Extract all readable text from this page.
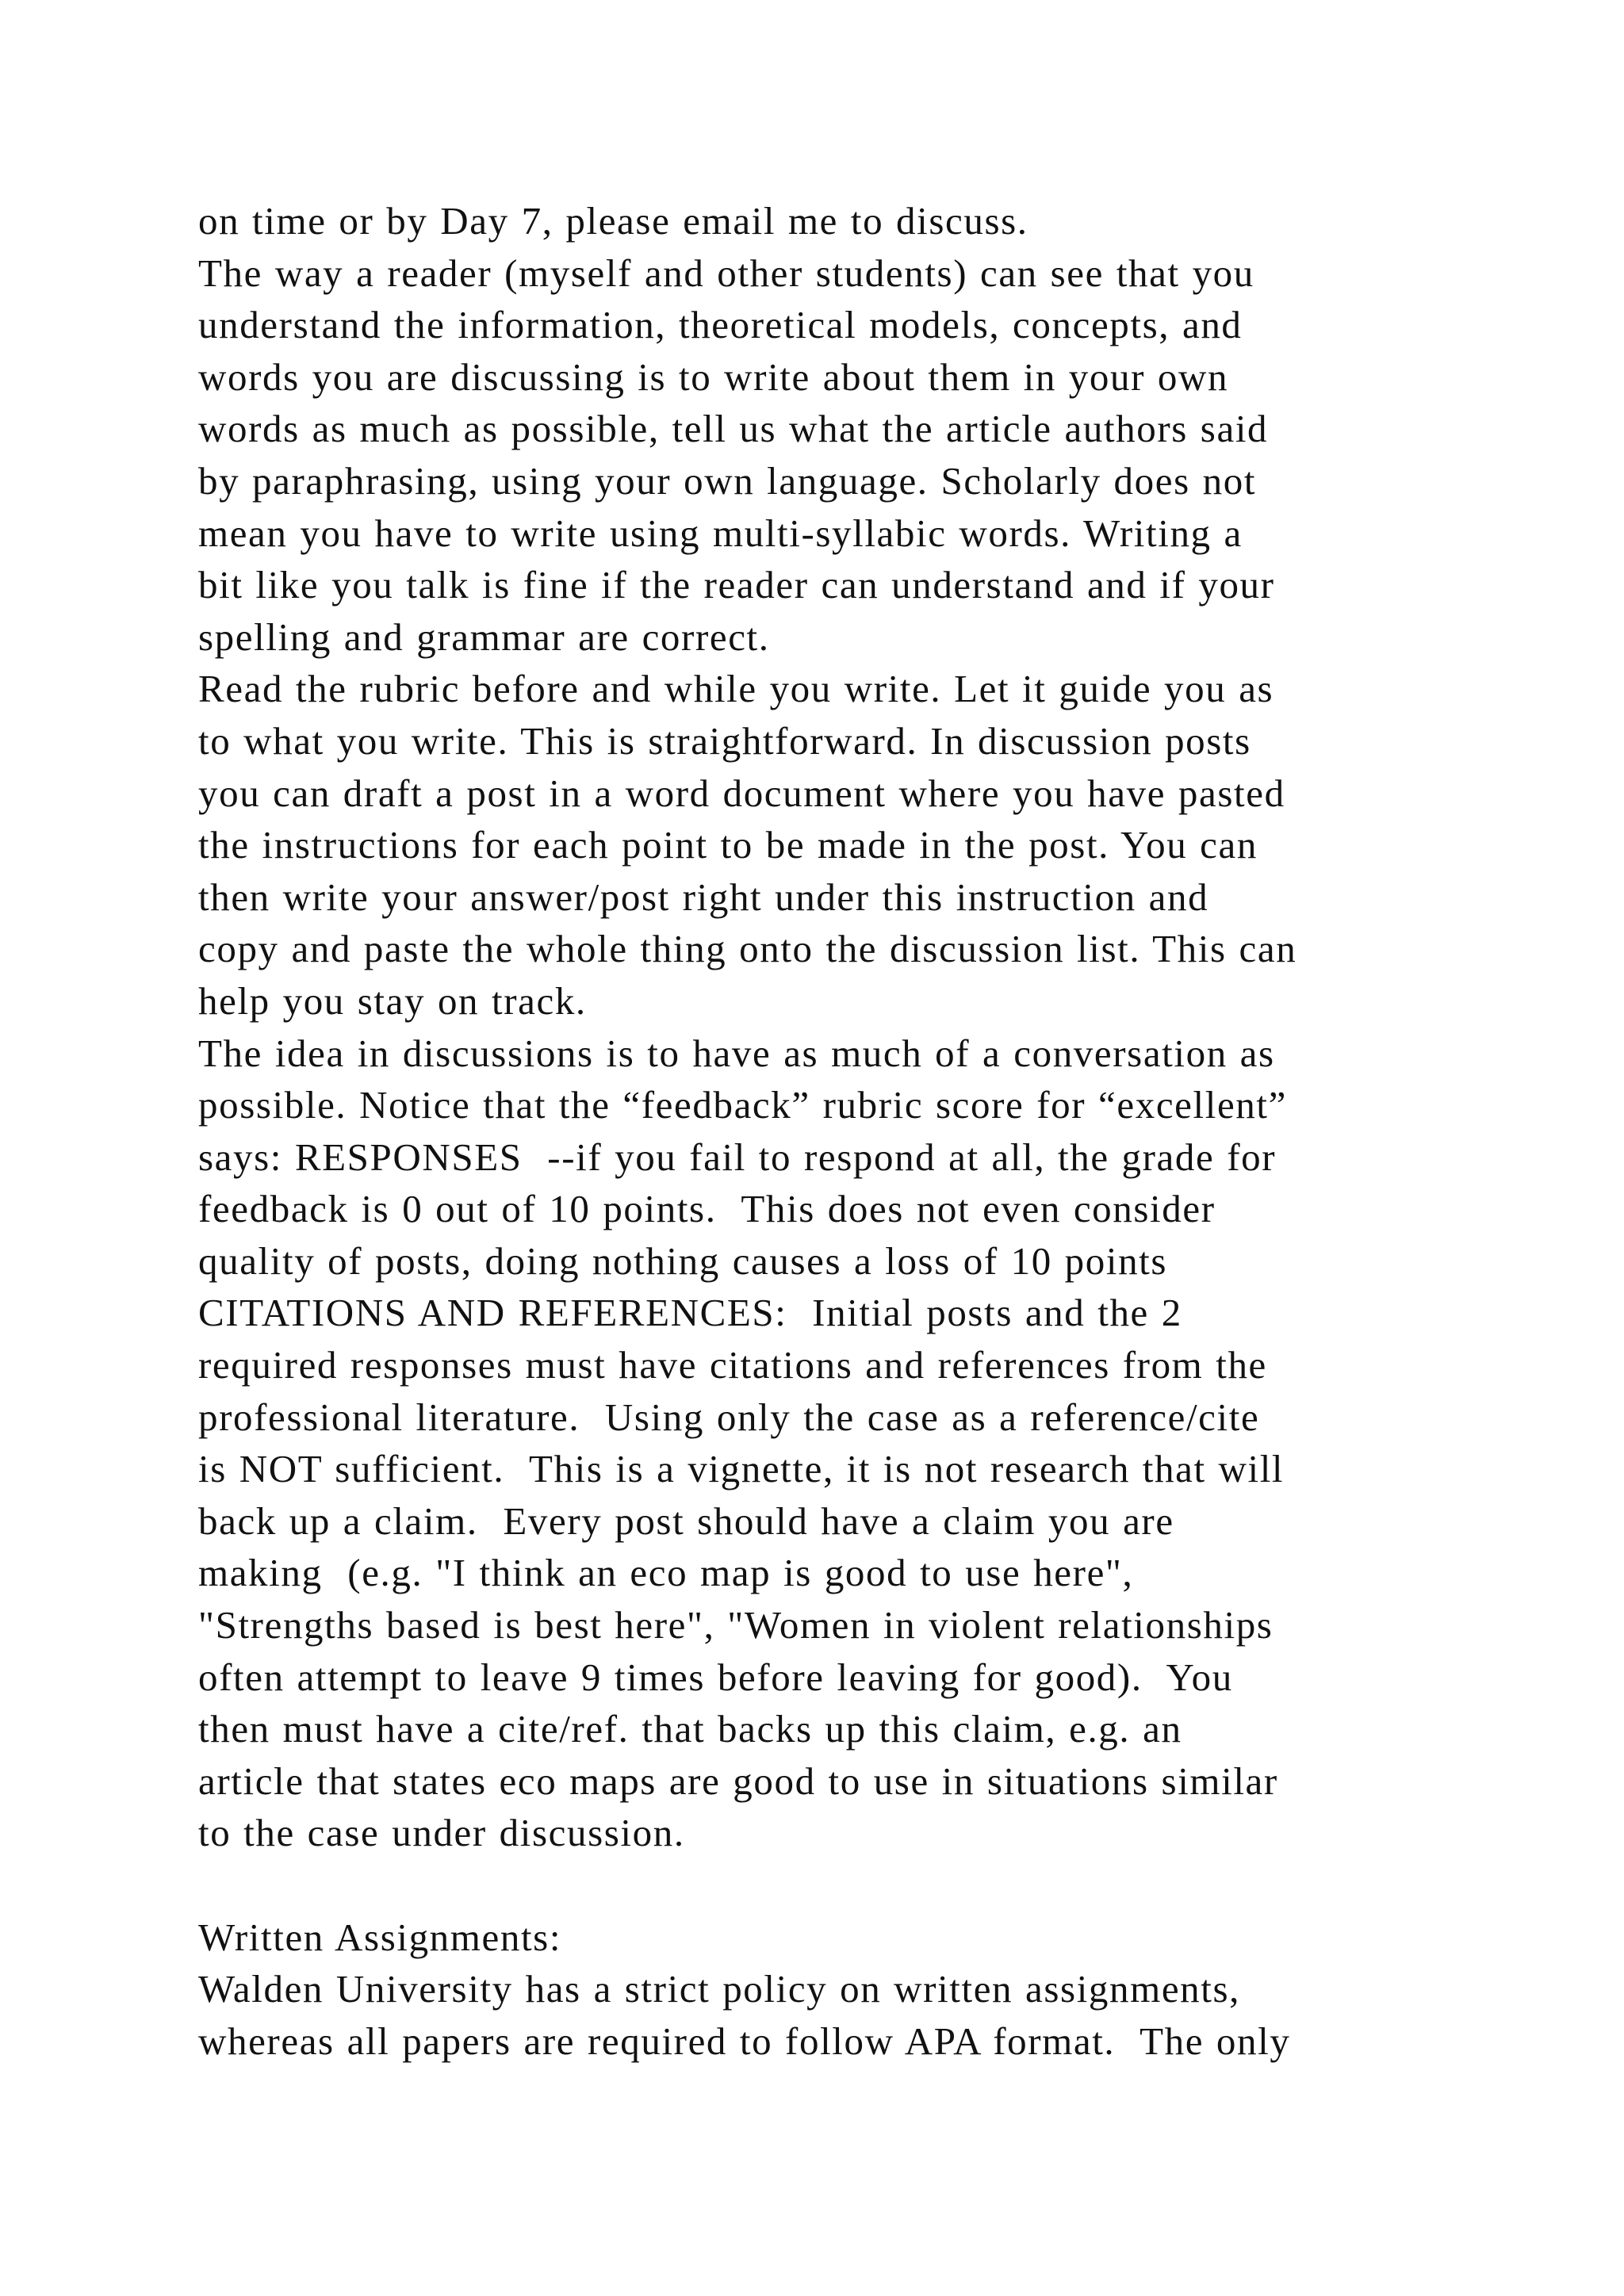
on time or by Day 7, please email me to discuss.
The way a reader (myself and other students) can see that you
understand the information, theoretical models, concepts, and
words you are discussing is to write about them in your own
words as much as possible, tell us what the article authors said
by paraphrasing, using your own language. Scholarly does not
mean you have to write using multi-syllabic words. Writing a
bit like you talk is fine if the reader can understand and if your
spelling and grammar are correct.
Read the rubric before and while you write. Let it guide you as
to what you write. This is straightforward. In discussion posts
you can draft a post in a word document where you have pasted
the instructions for each point to be made in the post. You can
then write your answer/post right under this instruction and
copy and paste the whole thing onto the discussion list. This can
help you stay on track.
The idea in discussions is to have as much of a conversation as
possible. Notice that the “feedback” rubric score for “excellent”
says: RESPONSES  --if you fail to respond at all, the grade for
feedback is 0 out of 10 points.  This does not even consider
quality of posts, doing nothing causes a loss of 10 points
CITATIONS AND REFERENCES:  Initial posts and the 2
required responses must have citations and references from the
professional literature.  Using only the case as a reference/cite
is NOT sufficient.  This is a vignette, it is not research that will
back up a claim.  Every post should have a claim you are
making  (e.g. "I think an eco map is good to use here",
"Strengths based is best here", "Women in violent relationships
often attempt to leave 9 times before leaving for good).  You
then must have a cite/ref. that backs up this claim, e.g. an
article that states eco maps are good to use in situations similar
to the case under discussion.
Written Assignments:
Walden University has a strict policy on written assignments,
whereas all papers are required to follow APA format.  The only
